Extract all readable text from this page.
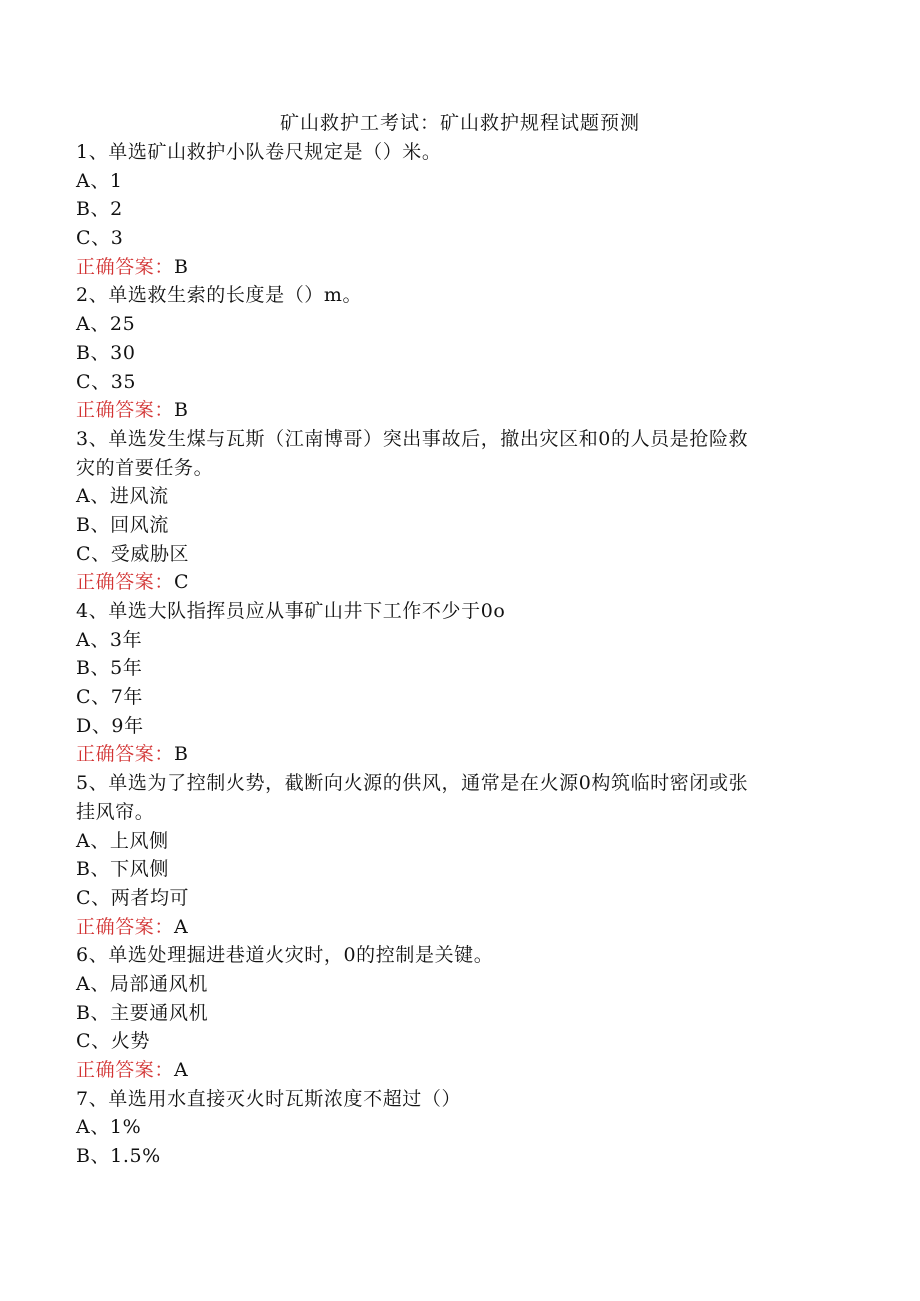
矿山救护工考试：矿山救护规程试题预测
1、单选矿山救护小队卷尺规定是（）米。
A、1
B、2
C、3
正确答案：B
2、单选救生索的长度是（）m。
A、25
B、30
C、35
正确答案：B
3、单选发生煤与瓦斯（江南博哥）突出事故后，撤出灾区和0的人员是抢险救
灾的首要任务。
A、进风流
B、回风流
C、受威胁区
正确答案：C
4、单选大队指挥员应从事矿山井下工作不少于0o
A、3年
B、5年
C、7年
D、9年
正确答案：B
5、单选为了控制火势，截断向火源的供风，通常是在火源0构筑临时密闭或张
挂风帘。
A、上风侧
B、下风侧
C、两者均可
正确答案：A
6、单选处理掘进巷道火灾时，0的控制是关键。
A、局部通风机
B、主要通风机
C、火势
正确答案：A
7、单选用水直接灭火时瓦斯浓度不超过（）
A、1%
B、1.5%
